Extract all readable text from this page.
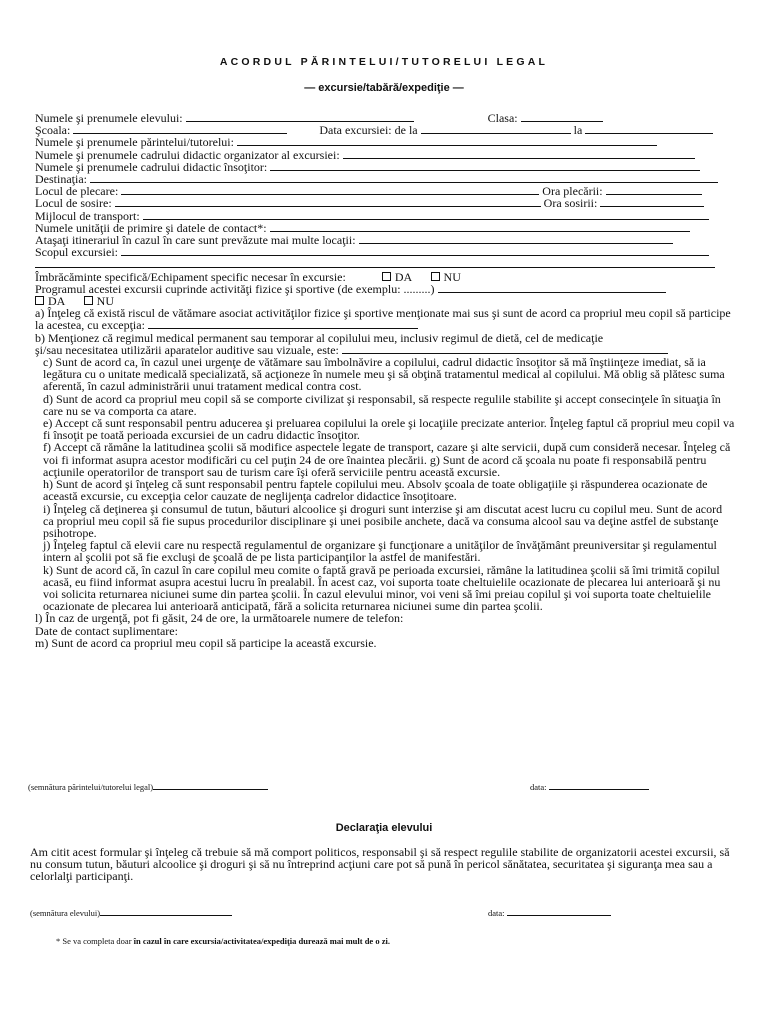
ACORDUL PĂRINTELUI/TUTORELUI LEGAL
— excursie/tabără/expediţie —
Numele şi prenumele elevului:	Clasa:
Şcoala:	Data excursiei: de la	la
Numele şi prenumele părintelui/tutorelui:
Numele şi prenumele cadrului didactic organizator al excursiei:
Numele şi prenumele cadrului didactic însoţitor:
Destinaţia:
Locul de plecare:	Ora plecării:
Locul de sosire:	Ora sosirii:
Mijlocul de transport:
Numele unităţii de primire şi datele de contact*:
Ataşaţi itinerariul în cazul în care sunt prevăzute mai multe locaţii:
Scopul excursiei:
Îmbrăcăminte specifică/Echipament specific necesar în excursie:	DA	NU
Programul acestei excursii cuprinde activităţi fizice şi sportive (de exemplu: .........)
DA	NU

a) Înţeleg că există riscul de vătămare asociat activităţilor fizice şi sportive menţionate mai sus şi sunt de acord ca propriul meu copil să participe la acestea, cu excepţia:

b) Menţionez că regimul medical permanent sau temporar al copilului meu, inclusiv regimul de dietă, cel de medicaţie

şi/sau necesitatea utilizării aparatelor auditive sau vizuale, este:

c) Sunt de acord ca, în cazul unei urgenţe de vătămare sau îmbolnăvire a copilului, cadrul didactic însoţitor să mă înştiinţeze imediat, să ia legătura cu o unitate medicală specializată, să acţioneze în numele meu şi să obţină tratamentul medical al copilului. Mă oblig să plătesc suma aferentă, în cazul administrării unui tratament medical contra cost.

d) Sunt de acord ca propriul meu copil să se comporte civilizat şi responsabil, să respecte regulile stabilite şi accept consecinţele în situaţia în care nu se va comporta ca atare.

e) Accept că sunt responsabil pentru aducerea şi preluarea copilului la orele şi locaţiile precizate anterior. Înţeleg faptul că propriul meu copil va fi însoţit pe toată perioada excursiei de un cadru didactic însoţitor.

f) Accept că rămâne la latitudinea şcolii să modifice aspectele legate de transport, cazare şi alte servicii, după cum consideră necesar. Înţeleg că voi fi informat asupra acestor modificări cu cel puţin 24 de ore înaintea plecării. g) Sunt de acord că şcoala nu poate fi responsabilă pentru acţiunile operatorilor de transport sau de turism care îşi oferă serviciile pentru această excursie.

h) Sunt de acord şi înţeleg că sunt responsabil pentru faptele copilului meu. Absolv şcoala de toate obligaţiile şi răspunderea ocazionate de această excursie, cu excepţia celor cauzate de neglijenţa cadrelor didactice însoţitoare.

i) Înţeleg că deţinerea şi consumul de tutun, băuturi alcoolice şi droguri sunt interzise şi am discutat acest lucru cu copilul meu. Sunt de acord ca propriul meu copil să fie supus procedurilor disciplinare şi unei posibile anchete, dacă va consuma alcool sau va deţine astfel de substanţe psihotrope.

j) Înţeleg faptul că elevii care nu respectă regulamentul de organizare şi funcţionare a unităţilor de învăţământ preuniversitar şi regulamentul intern al şcolii pot să fie excluşi de şcoală de pe lista participanţilor la astfel de manifestări.

k) Sunt de acord că, în cazul în care copilul meu comite o faptă gravă pe perioada excursiei, rămâne la latitudinea şcolii să îmi trimită copilul acasă, eu fiind informat asupra acestui lucru în prealabil. În acest caz, voi suporta toate cheltuielile ocazionate de plecarea lui anterioară şi nu voi solicita returnarea niciunei sume din partea şcolii. În cazul elevului minor, voi veni să îmi preiau copilul şi voi suporta toate cheltuielile ocazionate de plecarea lui anterioară anticipată, fără a solicita returnarea niciunei sume din partea şcolii.

l) În caz de urgenţă, pot fi găsit, 24 de ore, la următoarele numere de telefon:

Date de contact suplimentare:

m) Sunt de acord ca propriul meu copil să participe la această excursie.

(semnătura părintelui/tutorelui legal)	data:
Declaraţia elevului
Am citit acest formular şi înţeleg că trebuie să mă comport politicos, responsabil şi să respect regulile stabilite de organizatorii acestei excursii, să nu consum tutun, băuturi alcoolice şi droguri şi să nu întreprind acţiuni care pot să pună în pericol sănătatea, securitatea şi siguranţa mea sau a celorlalţi participanţi.
(semnătura elevului)	data:
* Se va completa doar în cazul în care excursia/activitatea/expediţia durează mai mult de o zi.
